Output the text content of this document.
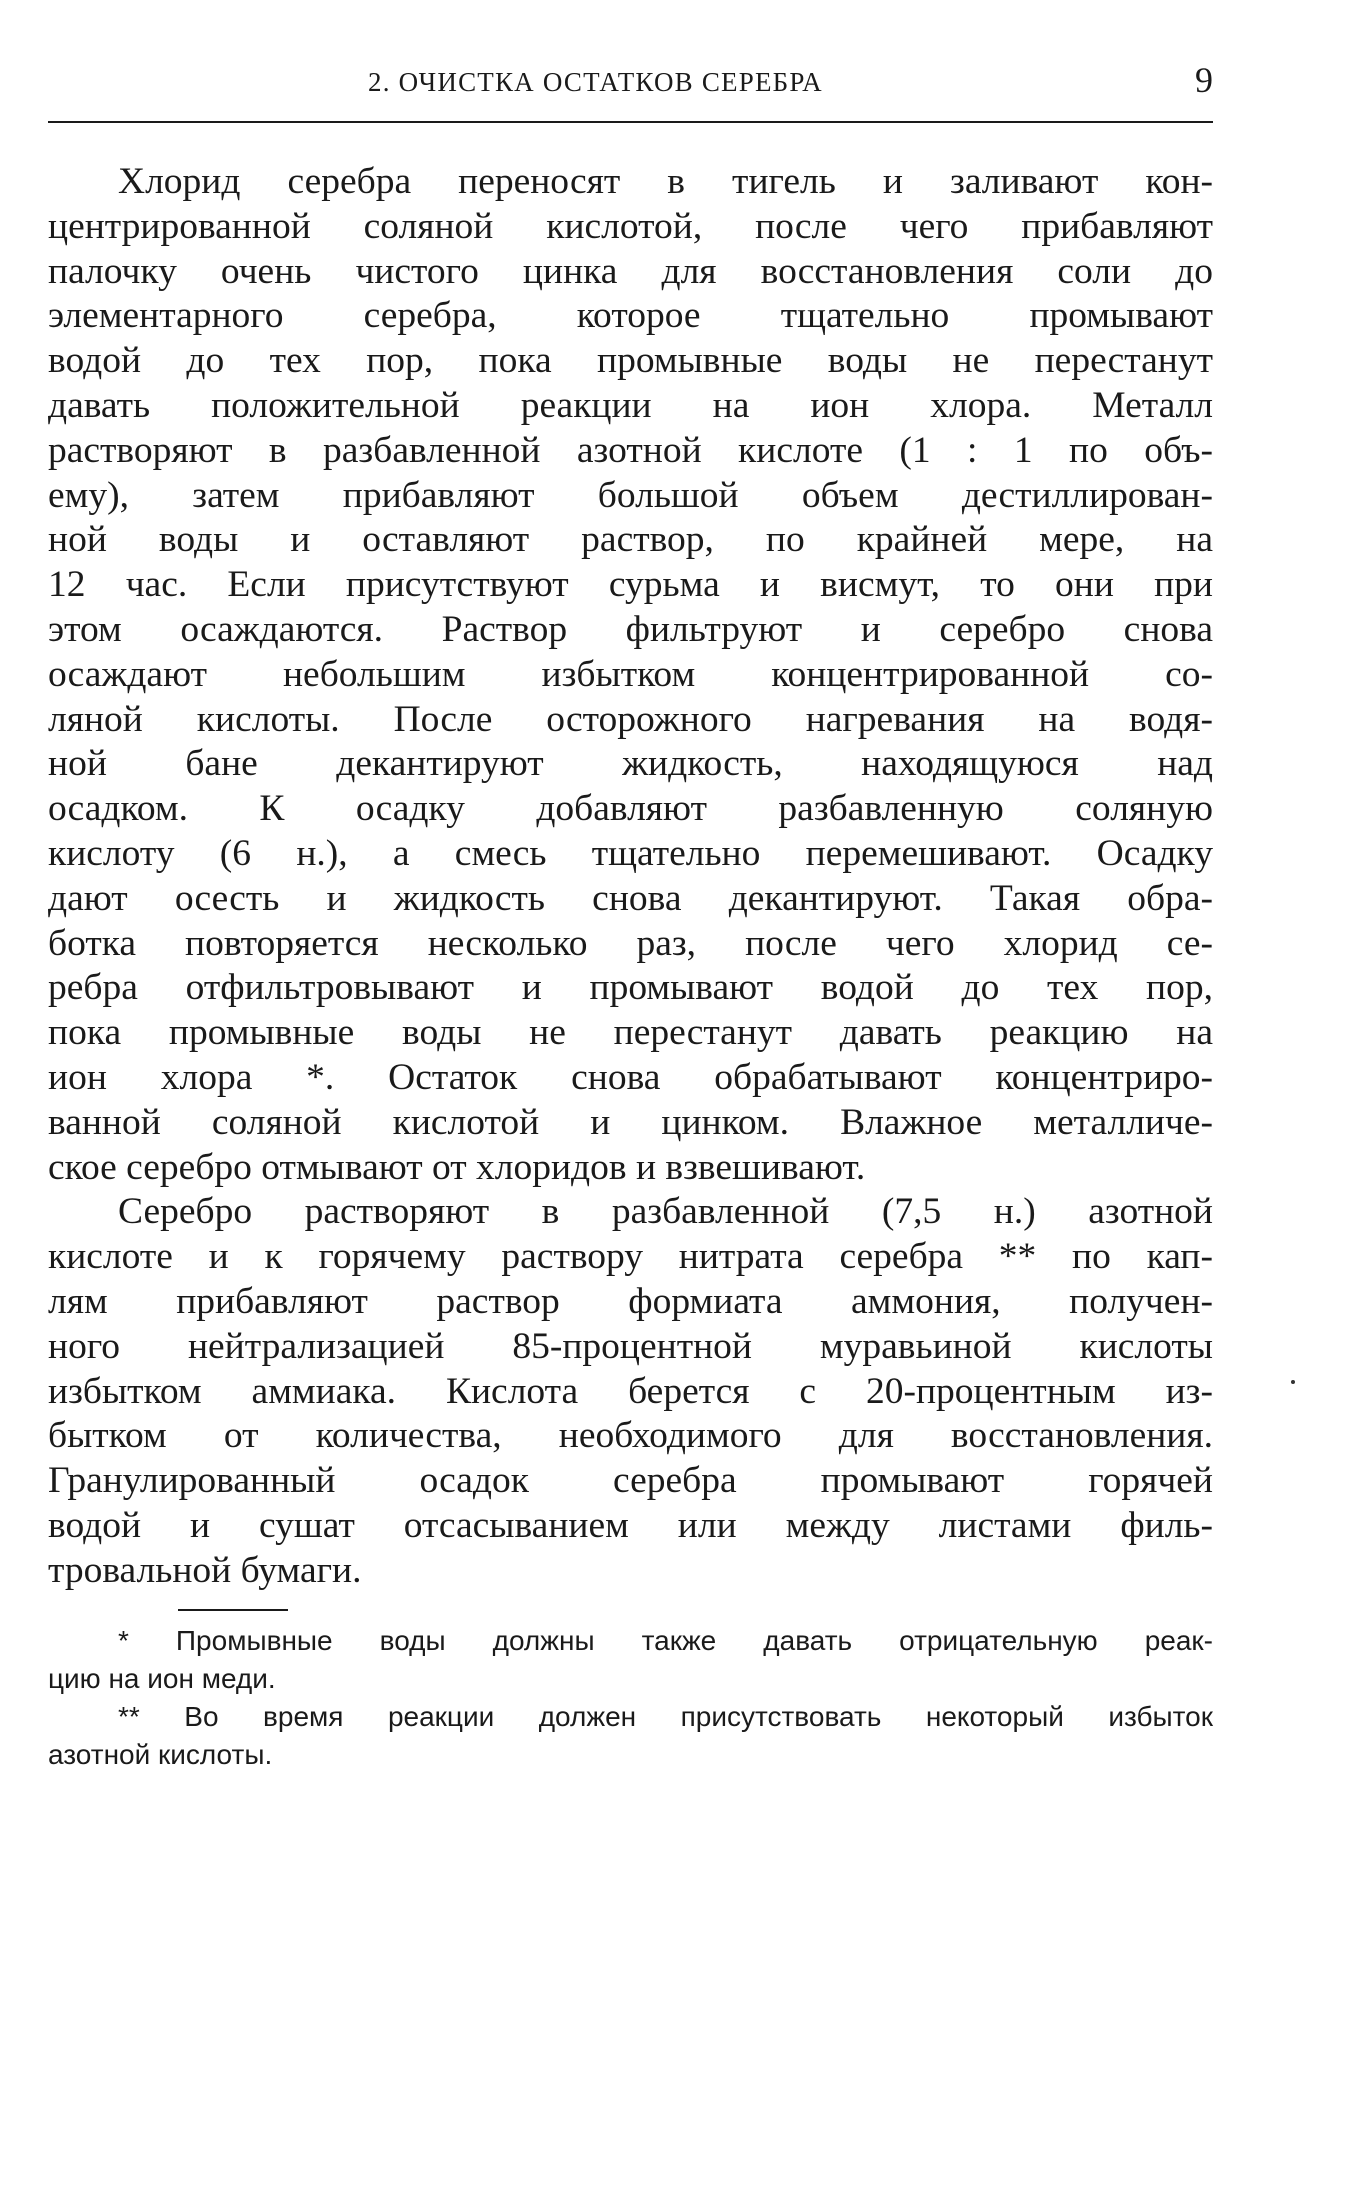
2. ОЧИСТКА ОСТАТКОВ СЕРЕБРА	9

Хлорид серебра переносят в тигель и заливают кон-
центрированной соляной кислотой, после чего прибавляют
палочку очень чистого цинка для восстановления соли до
элементарного серебра, которое тщательно промывают
водой до тех пор, пока промывные воды не перестанут
давать положительной реакции на ион хлора. Металл
растворяют в разбавленной азотной кислоте (1 : 1 по объ-
ему), затем прибавляют большой объем дестиллирован-
ной воды и оставляют раствор, по крайней мере, на
12 час. Если присутствуют сурьма и висмут, то они при
этом осаждаются. Раствор фильтруют и серебро снова
осаждают небольшим избытком концентрированной со-
ляной кислоты. После осторожного нагревания на водя-
ной бане декантируют жидкость, находящуюся над
осадком. К осадку добавляют разбавленную соляную
кислоту (6 н.), а смесь тщательно перемешивают. Осадку
дают осесть и жидкость снова декантируют. Такая обра-
ботка повторяется несколько раз, после чего хлорид се-
ребра отфильтровывают и промывают водой до тех пор,
пока промывные воды не перестанут давать реакцию на
ион хлора *. Остаток снова обрабатывают концентриро-
ванной соляной кислотой и цинком. Влажное металличе-
ское серебро отмывают от хлоридов и взвешивают.

Серебро растворяют в разбавленной (7,5 н.) азотной
кислоте и к горячему раствору нитрата серебра ** по кап-
лям прибавляют раствор формиата аммония, получен-
ного нейтрализацией 85-процентной муравьиной кислоты
избытком аммиака. Кислота берется с 20-процентным из-
бытком от количества, необходимого для восстановления.
Гранулированный осадок серебра промывают горячей
водой и сушат отсасыванием или между листами филь-
тровальной бумаги.

* Промывные воды должны также давать отрицательную реак-
цию на ион меди.

** Во время реакции должен присутствовать некоторый избыток
азотной кислоты.
